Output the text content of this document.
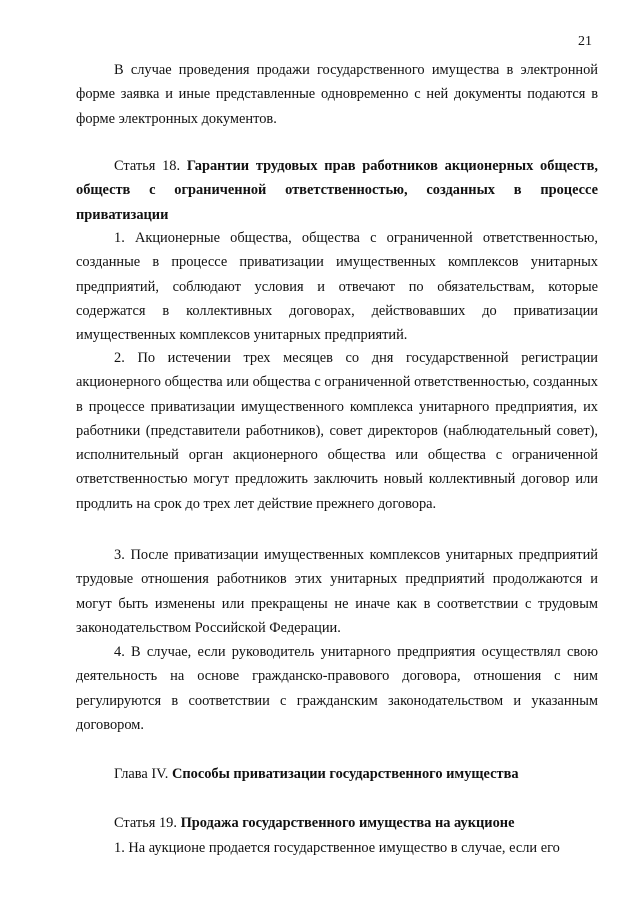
21

В случае проведения продажи государственного имущества в электронной форме заявка и иные представленные одновременно с ней документы подаются в форме электронных документов.

Статья 18. Гарантии трудовых прав работников акционерных обществ, обществ с ограниченной ответственностью, созданных в процессе приватизации

1. Акционерные общества, общества с ограниченной ответственностью, созданные в процессе приватизации имущественных комплексов унитарных предприятий, соблюдают условия и отвечают по обязательствам, которые содержатся в коллективных договорах, действовавших до приватизации имущественных комплексов унитарных предприятий.

2. По истечении трех месяцев со дня государственной регистрации акционерного общества или общества с ограниченной ответственностью, созданных в процессе приватизации имущественного комплекса унитарного предприятия, их работники (представители работников), совет директоров (наблюдательный совет), исполнительный орган акционерного общества или общества с ограниченной ответственностью могут предложить заключить новый коллективный договор или продлить на срок до трех лет действие прежнего договора.

3. После приватизации имущественных комплексов унитарных предприятий трудовые отношения работников этих унитарных предприятий продолжаются и могут быть изменены или прекращены не иначе как в соответствии с трудовым законодательством Российской Федерации.

4. В случае, если руководитель унитарного предприятия осуществлял свою деятельность на основе гражданско-правового договора, отношения с ним регулируются в соответствии с гражданским законодательством и указанным договором.

Глава IV. Способы приватизации государственного имущества

Статья 19. Продажа государственного имущества на аукционе

1. На аукционе продается государственное имущество в случае, если его
